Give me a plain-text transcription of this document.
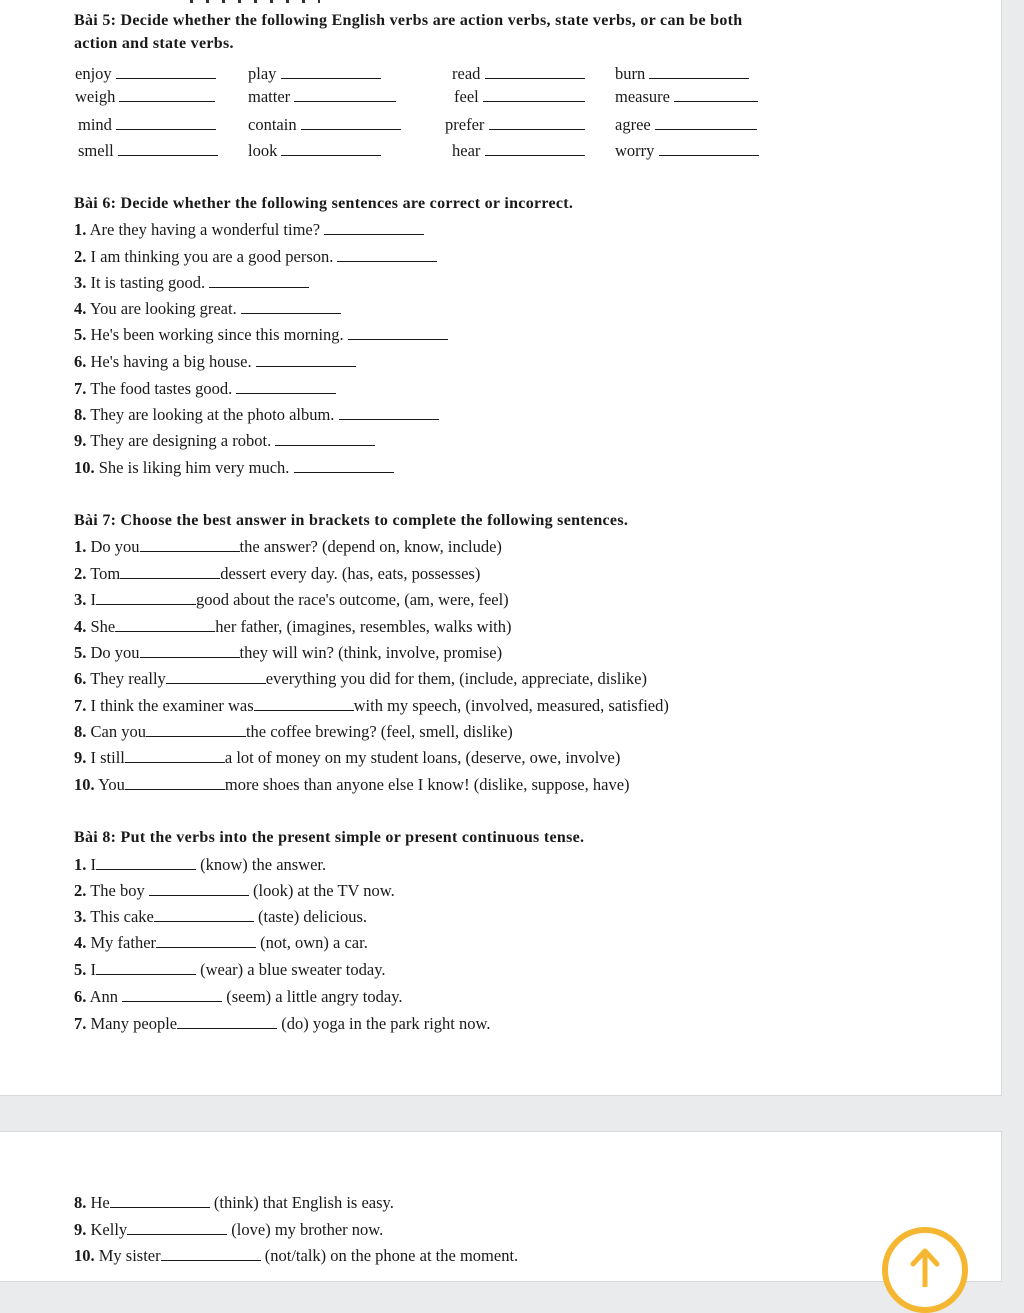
Bài 5: Decide whether the following English verbs are action verbs, state verbs, or can be both
action and state verbs.
enjoy	play	read	burn
weigh	matter	feel	measure
mind	contain	prefer	agree
smell	look	hear	worry
Bài 6: Decide whether the following sentences are correct or incorrect.
1. Are they having a wonderful time?
2. I am thinking you are a good person.
3. It is tasting good.
4. You are looking great.
5. He's been working since this morning.
6. He's having a big house.
7. The food tastes good.
8. They are looking at the photo album.
9. They are designing a robot.
10. She is liking him very much.
Bài 7: Choose the best answer in brackets to complete the following sentences.
1. Do you	the answer? (depend on, know, include)
2. Tom	dessert every day. (has, eats, possesses)
3. I	good about the race's outcome, (am, were, feel)
4. She	her father, (imagines, resembles, walks with)
5. Do you	they will win? (think, involve, promise)
6. They really	everything you did for them, (include, appreciate, dislike)
7. I think the examiner was	with my speech, (involved, measured, satisfied)
8. Can you	the coffee brewing? (feel, smell, dislike)
9. I still	a lot of money on my student loans, (deserve, owe, involve)
10. You	more shoes than anyone else I know! (dislike, suppose, have)
Bài 8: Put the verbs into the present simple or present continuous tense.
1. I	(know) the answer.
2. The boy	(look) at the TV now.
3. This cake	(taste) delicious.
4. My father	(not, own) a car.
5. I	(wear) a blue sweater today.
6. Ann	(seem) a little angry today.
7. Many people	(do) yoga in the park right now.
8. He	(think) that English is easy.
9. Kelly	(love) my brother now.
10. My sister	(not/talk) on the phone at the moment.
